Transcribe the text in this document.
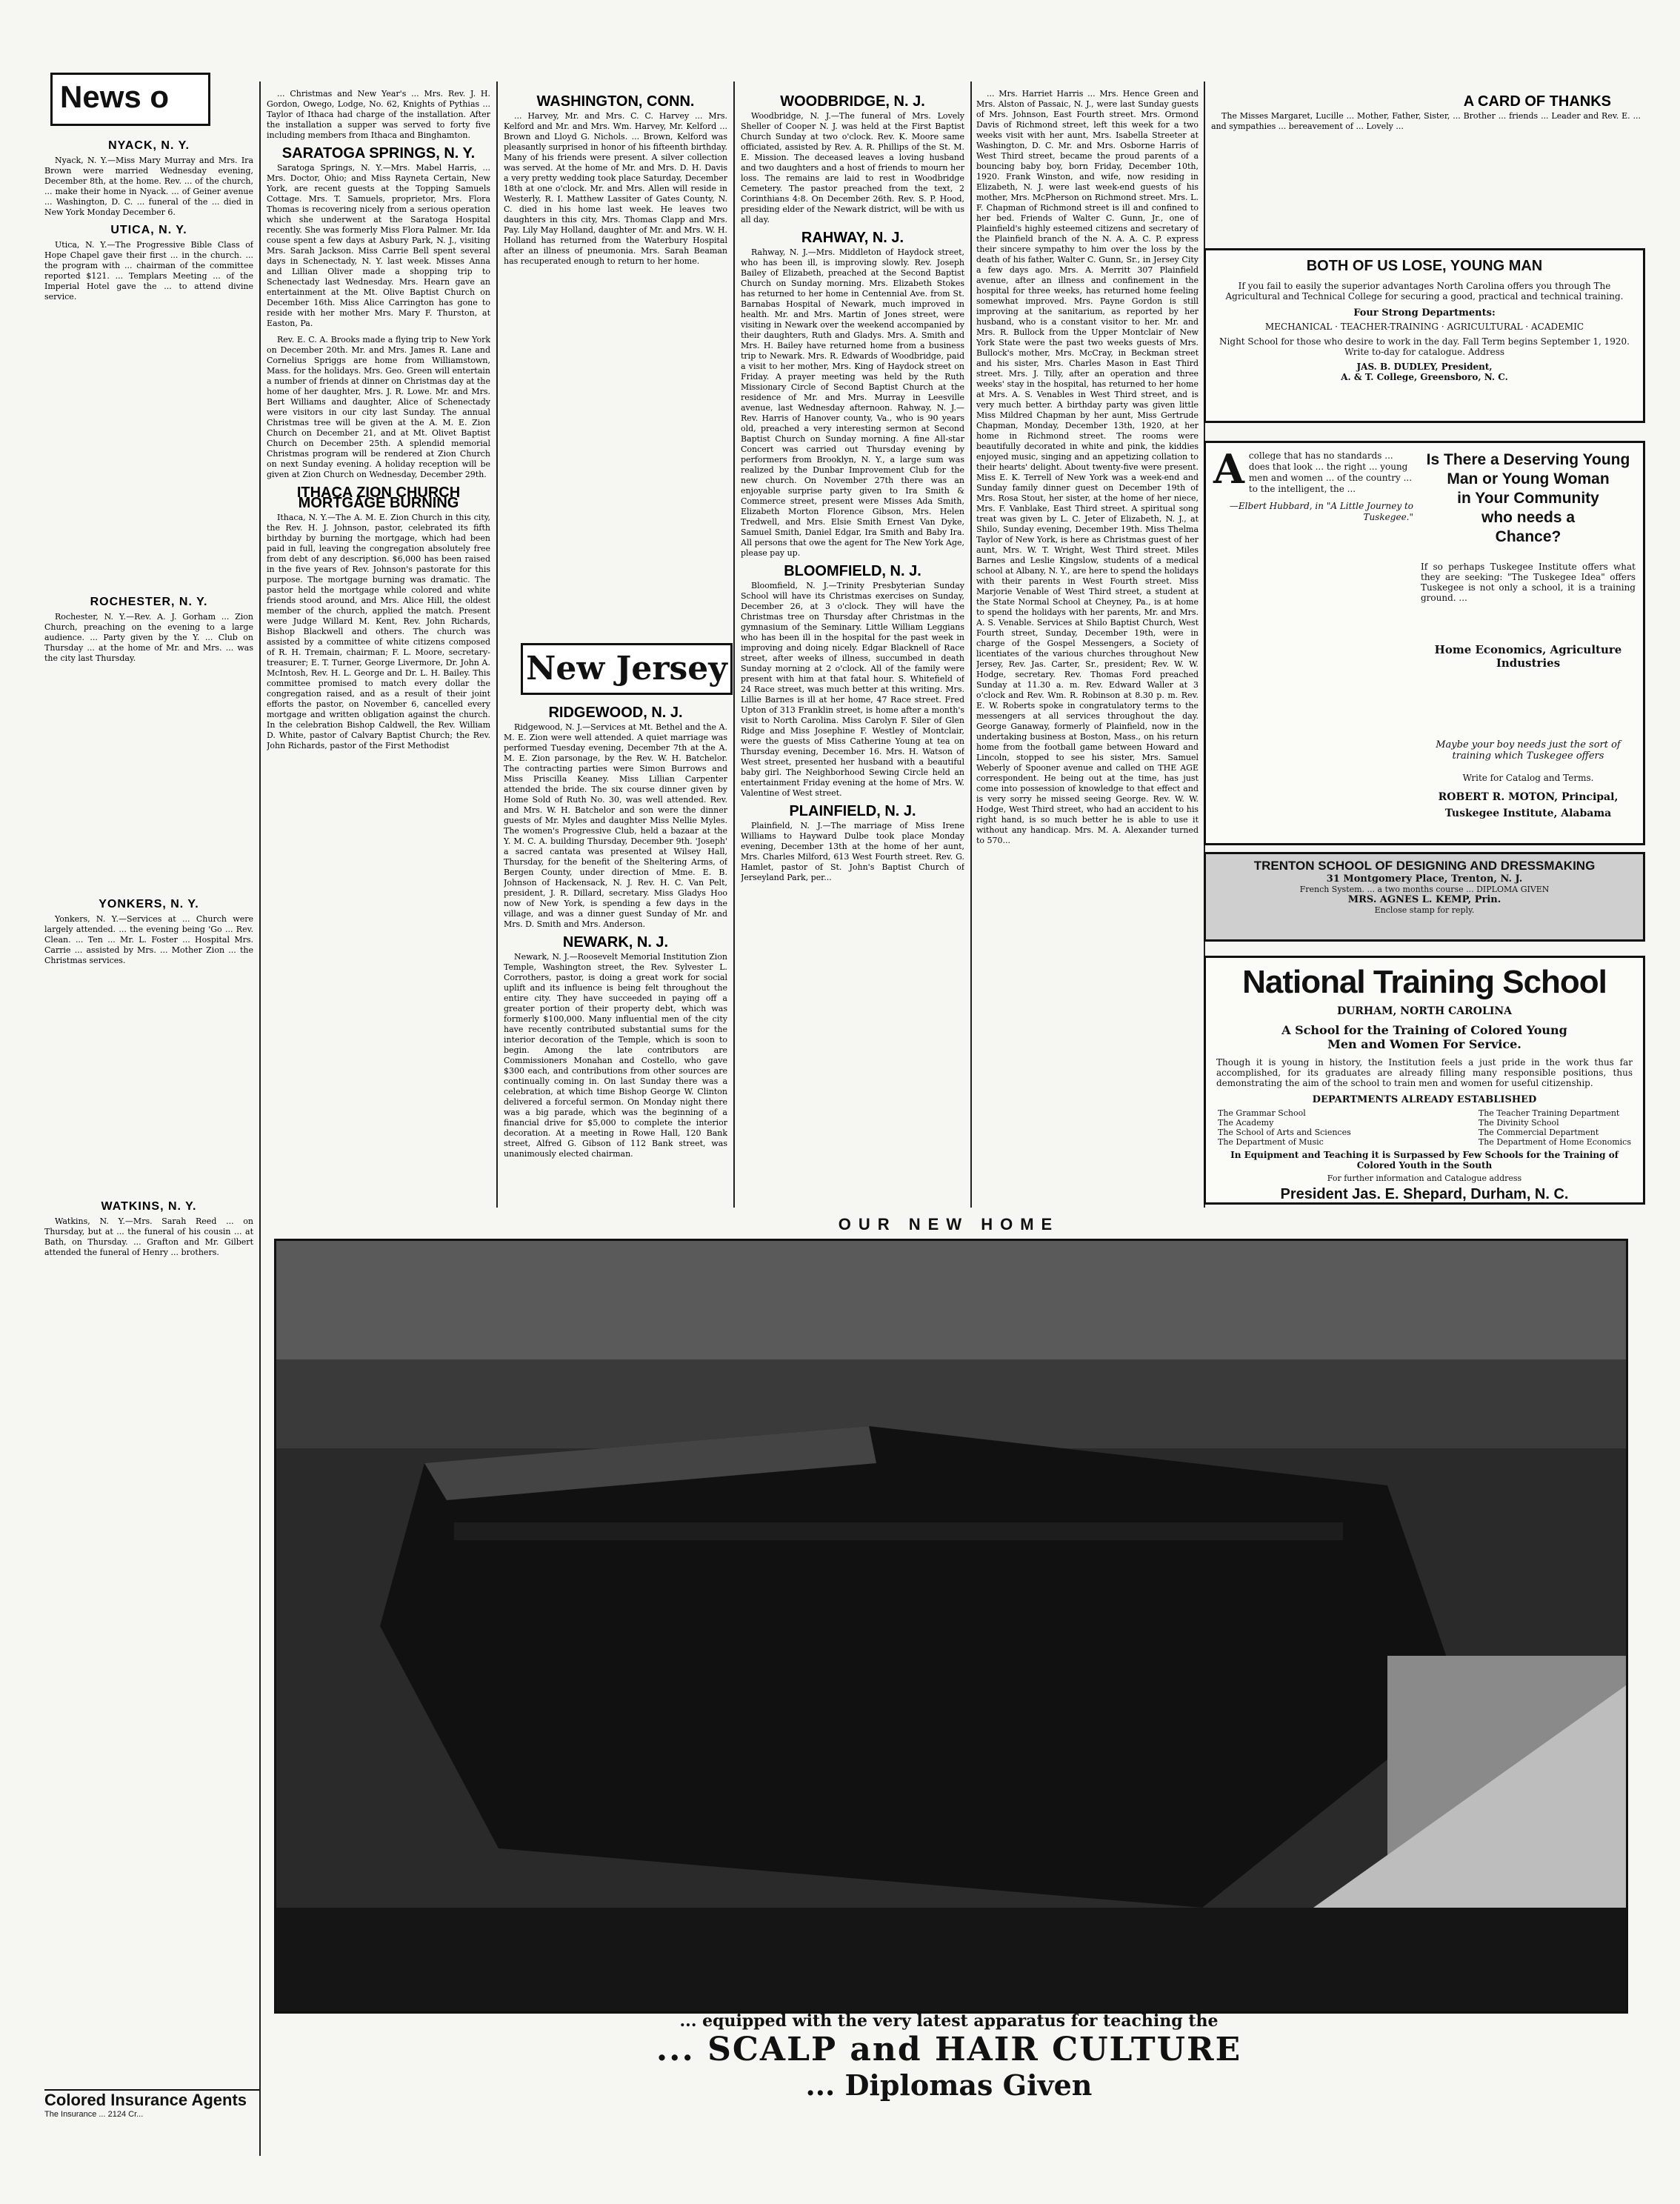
News o
NYACK, N. Y.

Nyack, N. Y.—Miss Mary Murray and Mrs. Ira Brown were married Wednesday evening, December 8th, at the home. Rev. ... of the church, ... make their home in Nyack. ... of Geiner avenue ... Washington, D. C. ... funeral of the ... died in New York Monday December 6.

UTICA, N. Y.

Utica, N. Y.—The Progressive Bible Class of Hope Chapel gave their first ... in the church. ... the program with ... chairman of the committee reported $121. ... Templars Meeting ... of the Imperial Hotel gave the ... to attend divine service.

ROCHESTER, N. Y.

Rochester, N. Y.—Rev. A. J. Gorham ... Zion Church, preaching on the evening to a large audience. ... Party given by the Y. ... Club on Thursday ... at the home of Mr. and Mrs. ... was the city last Thursday.

YONKERS, N. Y.

Yonkers, N. Y.—Services at ... Church were largely attended. ... the evening being 'Go ... Rev. Clean. ... Ten ... Mr. L. Foster ... Hospital Mrs. Carrie ... assisted by Mrs. ... Mother Zion ... the Christmas services.

WATKINS, N. Y.

Watkins, N. Y.—Mrs. Sarah Reed ... on Thursday, but at ... the funeral of his cousin ... at Bath, on Thursday. ... Grafton and Mr. Gilbert attended the funeral of Henry ... brothers.

Colored Insurance Agents
The Insurance ... 2124 Cr...

... Christmas and New Year's ... Mrs. Rev. J. H. Gordon, Owego, Lodge, No. 62, Knights of Pythias ... Taylor of Ithaca had charge of the installation. After the installation a supper was served to forty five including members from Ithaca and Binghamton.

SARATOGA SPRINGS, N. Y.

Saratoga Springs, N. Y.—Mrs. Mabel Harris, ... Mrs. Doctor, Ohio; and Miss Rayneta Certain, New York, are recent guests at the Topping Samuels Cottage. Mrs. T. Samuels, proprietor, Mrs. Flora Thomas is recovering nicely from a serious operation which she underwent at the Saratoga Hospital recently. She was formerly Miss Flora Palmer. Mr. Ida couse spent a few days at Asbury Park, N. J., visiting Mrs. Sarah Jackson. Miss Carrie Bell spent several days in Schenectady, N. Y. last week. Misses Anna and Lillian Oliver made a shopping trip to Schenectady last Wednesday. Mrs. Hearn gave an entertainment at the Mt. Olive Baptist Church on December 16th. Miss Alice Carrington has gone to reside with her mother Mrs. Mary F. Thurston, at Easton, Pa.

Rev. E. C. A. Brooks made a flying trip to New York on December 20th. Mr. and Mrs. James R. Lane and Cornelius Spriggs are home from Williamstown, Mass. for the holidays. Mrs. Geo. Green will entertain a number of friends at dinner on Christmas day at the home of her daughter, Mrs. J. R. Lowe. Mr. and Mrs. Bert Williams and daughter, Alice of Schenectady were visitors in our city last Sunday. The annual Christmas tree will be given at the A. M. E. Zion Church on December 21, and at Mt. Olivet Baptist Church on December 25th. A splendid memorial Christmas program will be rendered at Zion Church on next Sunday evening. A holiday reception will be given at Zion Church on Wednesday, December 29th.

ITHACA ZION CHURCH MORTGAGE BURNING

Ithaca, N. Y.—The A. M. E. Zion Church in this city, the Rev. H. J. Johnson, pastor, celebrated its fifth birthday by burning the mortgage, which had been paid in full, leaving the congregation absolutely free from debt of any description. $6,000 has been raised in the five years of Rev. Johnson's pastorate for this purpose. The mortgage burning was dramatic. The pastor held the mortgage while colored and white friends stood around, and Mrs. Alice Hill, the oldest member of the church, applied the match. Present were Judge Willard M. Kent, Rev. John Richards, Bishop Blackwell and others. The church was assisted by a committee of white citizens composed of R. H. Tremain, chairman; F. L. Moore, secretary-treasurer; E. T. Turner, George Livermore, Dr. John A. McIntosh, Rev. H. L. George and Dr. L. H. Bailey. This committee promised to match every dollar the congregation raised, and as a result of their joint efforts the pastor, on November 6, cancelled every mortgage and written obligation against the church. In the celebration Bishop Caldwell, the Rev. William D. White, pastor of Calvary Baptist Church; the Rev. John Richards, pastor of the First Methodist

WASHINGTON, CONN.

... Harvey, Mr. and Mrs. C. C. Harvey ... Mrs. Kelford and Mr. and Mrs. Wm. Harvey, Mr. Kelford ... Brown and Lloyd G. Nichols. ... Brown, Kelford was pleasantly surprised in honor of his fifteenth birthday. Many of his friends were present. A silver collection was served. At the home of Mr. and Mrs. D. H. Davis a very pretty wedding took place Saturday, December 18th at one o'clock. Mr. and Mrs. Allen will reside in Westerly, R. I. Matthew Lassiter of Gates County, N. C. died in his home last week. He leaves two daughters in this city, Mrs. Thomas Clapp and Mrs. Pay. Lily May Holland, daughter of Mr. and Mrs. W. H. Holland has returned from the Waterbury Hospital after an illness of pneumonia. Mrs. Sarah Beaman has recuperated enough to return to her home.

New Jersey
RIDGEWOOD, N. J.

Ridgewood, N. J.—Services at Mt. Bethel and the A. M. E. Zion were well attended. A quiet marriage was performed Tuesday evening, December 7th at the A. M. E. Zion parsonage, by the Rev. W. H. Batchelor. The contracting parties were Simon Burrows and Miss Priscilla Keaney. Miss Lillian Carpenter attended the bride. The six course dinner given by Home Sold of Ruth No. 30, was well attended. Rev. and Mrs. W. H. Batchelor and son were the dinner guests of Mr. Myles and daughter Miss Nellie Myles. The women's Progressive Club, held a bazaar at the Y. M. C. A. building Thursday, December 9th. 'Joseph' a sacred cantata was presented at Wilsey Hall, Thursday, for the benefit of the Sheltering Arms, of Bergen County, under direction of Mme. E. B. Johnson of Hackensack, N. J. Rev. H. C. Van Pelt, president, J. R. Dillard, secretary. Miss Gladys Hoo now of New York, is spending a few days in the village, and was a dinner guest Sunday of Mr. and Mrs. D. Smith and Mrs. Anderson.

NEWARK, N. J.

Newark, N. J.—Roosevelt Memorial Institution Zion Temple, Washington street, the Rev. Sylvester L. Corrothers, pastor, is doing a great work for social uplift and its influence is being felt throughout the entire city. They have succeeded in paying off a greater portion of their property debt, which was formerly $100,000. Many influential men of the city have recently contributed substantial sums for the interior decoration of the Temple, which is soon to begin. Among the late contributors are Commissioners Monahan and Costello, who gave $300 each, and contributions from other sources are continually coming in. On last Sunday there was a celebration, at which time Bishop George W. Clinton delivered a forceful sermon. On Monday night there was a big parade, which was the beginning of a financial drive for $5,000 to complete the interior decoration. At a meeting in Rowe Hall, 120 Bank street, Alfred G. Gibson of 112 Bank street, was unanimously elected chairman.

WOODBRIDGE, N. J.

Woodbridge, N. J.—The funeral of Mrs. Lovely Sheller of Cooper N. J. was held at the First Baptist Church Sunday at two o'clock. Rev. K. Moore same officiated, assisted by Rev. A. R. Phillips of the St. M. E. Mission. The deceased leaves a loving husband and two daughters and a host of friends to mourn her loss. The remains are laid to rest in Woodbridge Cemetery. The pastor preached from the text, 2 Corinthians 4:8. On December 26th. Rev. S. P. Hood, presiding elder of the Newark district, will be with us all day.

RAHWAY, N. J.

Rahway, N. J.—Mrs. Middleton of Haydock street, who has been ill, is improving slowly. Rev. Joseph Bailey of Elizabeth, preached at the Second Baptist Church on Sunday morning. Mrs. Elizabeth Stokes has returned to her home in Centennial Ave. from St. Barnabas Hospital of Newark, much improved in health. Mr. and Mrs. Martin of Jones street, were visiting in Newark over the weekend accompanied by their daughters, Ruth and Gladys. Mrs. A. Smith and Mrs. H. Bailey have returned home from a business trip to Newark. Mrs. R. Edwards of Woodbridge, paid a visit to her mother, Mrs. King of Haydock street on Friday. A prayer meeting was held by the Ruth Missionary Circle of Second Baptist Church at the residence of Mr. and Mrs. Murray in Leesville avenue, last Wednesday afternoon. Rahway, N. J.—Rev. Harris of Hanover county, Va., who is 90 years old, preached a very interesting sermon at Second Baptist Church on Sunday morning. A fine All-star Concert was carried out Thursday evening by performers from Brooklyn, N. Y., a large sum was realized by the Dunbar Improvement Club for the new church. On November 27th there was an enjoyable surprise party given to Ira Smith & Commerce street, present were Misses Ada Smith, Elizabeth Morton Florence Gibson, Mrs. Helen Tredwell, and Mrs. Elsie Smith Ernest Van Dyke, Samuel Smith, Daniel Edgar, Ira Smith and Baby Ira. All persons that owe the agent for The New York Age, please pay up.

BLOOMFIELD, N. J.

Bloomfield, N. J.—Trinity Presbyterian Sunday School will have its Christmas exercises on Sunday, December 26, at 3 o'clock. They will have the Christmas tree on Thursday after Christmas in the gymnasium of the Seminary. Little William Leggians who has been ill in the hospital for the past week in improving and doing nicely. Edgar Blacknell of Race street, after weeks of illness, succumbed in death Sunday morning at 2 o'clock. All of the family were present with him at that fatal hour. S. Whitefield of 24 Race street, was much better at this writing. Mrs. Lillie Barnes is ill at her home, 47 Race street. Fred Upton of 313 Franklin street, is home after a month's visit to North Carolina. Miss Carolyn F. Siler of Glen Ridge and Miss Josephine F. Westley of Montclair, were the guests of Miss Catherine Young at tea on Thursday evening, December 16. Mrs. H. Watson of West street, presented her husband with a beautiful baby girl. The Neighborhood Sewing Circle held an entertainment Friday evening at the home of Mrs. W. Valentine of West street.

PLAINFIELD, N. J.

Plainfield, N. J.—The marriage of Miss Irene Williams to Hayward Dulbe took place Monday evening, December 13th at the home of her aunt, Mrs. Charles Milford, 613 West Fourth street. Rev. G. Hamlet, pastor of St. John's Baptist Church of Jerseyland Park, per...

... Mrs. Harriet Harris ... Mrs. Hence Green and Mrs. Alston of Passaic, N. J., were last Sunday guests of Mrs. Johnson, East Fourth street. Mrs. Ormond Davis of Richmond street, left this week for a two weeks visit with her aunt, Mrs. Isabella Streeter at Washington, D. C. Mr. and Mrs. Osborne Harris of West Third street, became the proud parents of a bouncing baby boy, born Friday, December 10th, 1920. Frank Winston, and wife, now residing in Elizabeth, N. J. were last week-end guests of his mother, Mrs. McPherson on Richmond street. Mrs. L. F. Chapman of Richmond street is ill and confined to her bed. Friends of Walter C. Gunn, Jr., one of Plainfield's highly esteemed citizens and secretary of the Plainfield branch of the N. A. A. C. P. express their sincere sympathy to him over the loss by the death of his father, Walter C. Gunn, Sr., in Jersey City a few days ago. Mrs. A. Merritt 307 Plainfield avenue, after an illness and confinement in the hospital for three weeks, has returned home feeling somewhat improved. Mrs. Payne Gordon is still improving at the sanitarium, as reported by her husband, who is a constant visitor to her. Mr. and Mrs. R. Bullock from the Upper Montclair of New York State were the past two weeks guests of Mrs. Bullock's mother, Mrs. McCray, in Beckman street and his sister, Mrs. Charles Mason in East Third street. Mrs. J. Tilly, after an operation and three weeks' stay in the hospital, has returned to her home at Mrs. A. S. Venables in West Third street, and is very much better. A birthday party was given little Miss Mildred Chapman by her aunt, Miss Gertrude Chapman, Monday, December 13th, 1920, at her home in Richmond street. The rooms were beautifully decorated in white and pink, the kiddies enjoyed music, singing and an appetizing collation to their hearts' delight. About twenty-five were present. Miss E. K. Terrell of New York was a week-end and Sunday family dinner guest on December 19th of Mrs. Rosa Stout, her sister, at the home of her niece, Mrs. F. Vanblake, East Third street. A spiritual song treat was given by L. C. Jeter of Elizabeth, N. J., at Shilo, Sunday evening, December 19th. Miss Thelma Taylor of New York, is here as Christmas guest of her aunt, Mrs. W. T. Wright, West Third street. Miles Barnes and Leslie Kingslow, students of a medical school at Albany, N. Y., are here to spend the holidays with their parents in West Fourth street. Miss Marjorie Venable of West Third street, a student at the State Normal School at Cheyney, Pa., is at home to spend the holidays with her parents, Mr. and Mrs. A. S. Venable. Services at Shilo Baptist Church, West Fourth street, Sunday, December 19th, were in charge of the Gospel Messengers, a Society of licentiates of the various churches throughout New Jersey, Rev. Jas. Carter, Sr., president; Rev. W. W. Hodge, secretary. Rev. Thomas Ford preached Sunday at 11.30 a. m. Rev. Edward Waller at 3 o'clock and Rev. Wm. R. Robinson at 8.30 p. m. Rev. E. W. Roberts spoke in congratulatory terms to the messengers at all services throughout the day. George Ganaway, formerly of Plainfield, now in the undertaking business at Boston, Mass., on his return home from the football game between Howard and Lincoln, stopped to see his sister, Mrs. Samuel Weberly of Spooner avenue and called on THE AGE correspondent. He being out at the time, has just come into possession of knowledge to that effect and is very sorry he missed seeing George. Rev. W. W. Hodge, West Third street, who had an accident to his right hand, is so much better he is able to use it without any handicap. Mrs. M. A. Alexander turned to 570...

A CARD OF THANKS

The Misses Margaret, Lucille ... Mother, Father, Sister, ... Brother ... friends ... Leader and Rev. E. ... and sympathies ... bereavement of ... Lovely ...

BOTH OF US LOSE, YOUNG MAN

If you fail to easily the superior advantages North Carolina offers you through The Agricultural and Technical College for securing a good, practical and technical training.

Four Strong Departments:
MECHANICAL · TEACHER-TRAINING · AGRICULTURAL · ACADEMIC

Night School for those who desire to work in the day. Fall Term begins September 1, 1920. Write to-day for catalogue. Address

JAS. B. DUDLEY, President,
A. & T. College, Greensboro, N. C.
A college that has no standards ... does that look ... the right ... young men and women ... of the country ... to the intelligent, the ...
—Elbert Hubbard, in "A Little Journey to Tuskegee."
Is There a Deserving Young
Man or Young Woman
in Your Community
who needs a
Chance?

If so perhaps Tuskegee Institute offers what they are seeking: "The Tuskegee Idea" offers Tuskegee is not only a school, it is a training ground. ...

Home Economics, Agriculture Industries
Maybe your boy needs just the sort of training which Tuskegee offers
Write for Catalog and Terms.
ROBERT R. MOTON, Principal,
Tuskegee Institute, Alabama
TRENTON SCHOOL OF DESIGNING AND DRESSMAKING
31 Montgomery Place, Trenton, N. J.
French System. ... a two months course ... DIPLOMA GIVEN
MRS. AGNES L. KEMP, Prin.
Enclose stamp for reply.
National Training School
DURHAM, NORTH CAROLINA
A School for the Training of Colored Young
Men and Women For Service.

Though it is young in history, the Institution feels a just pride in the work thus far accomplished, for its graduates are already filling many responsible positions, thus demonstrating the aim of the school to train men and women for useful citizenship.

DEPARTMENTS ALREADY ESTABLISHED
The Grammar School
The Academy
The School of Arts and Sciences
The Department of Music
The Teacher Training Department
The Divinity School
The Commercial Department
The Department of Home Economics
In Equipment and Teaching it is Surpassed by Few Schools for the Training of Colored Youth in the South
For further information and Catalogue address
President Jas. E. Shepard, Durham, N. C.
OUR NEW HOME
... equipped with the very latest apparatus for teaching the
... SCALP and HAIR CULTURE
... Diplomas Given
